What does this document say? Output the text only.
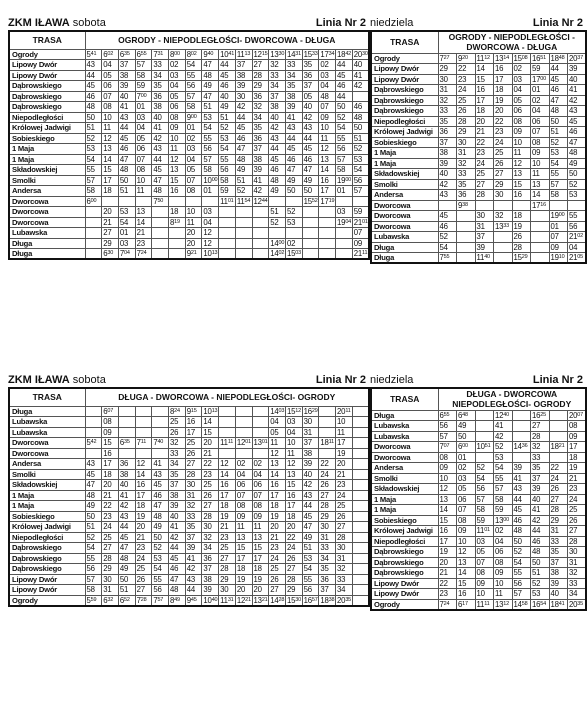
ZKM IŁAWA sobota	Linia Nr 2
TRASA	OGRODY - NIEPODLEGŁOŚCI- DWORCOWA - DŁUGA																
Ogrody	$5^{41}$	$6^{02}$	$6^{35}$	$6^{55}$	$7^{31}$	$8^{00}$	$8^{02}$	$9^{40}$	$10^{41}$	$11^{13}$	$12^{15}$	$13^{30}$	$14^{31}$	$15^{33}$	$17^{34}$	$18^{42}$	$20^{30}$
Lipowy Dwór	43	04	37	57	33	02	54	47	44	37	27	32	33	35	02	44	40
Lipowy Dwór	44	05	38	58	34	03	55	48	45	38	28	33	34	36	03	45	41
Dąbrowskiego	45	06	39	59	35	04	56	49	46	39	29	34	35	37	04	46	42
Dąbrowskiego	46	07	40	$7^{00}$	36	05	57	47	40	30	36	37	38	05	48	44	
Dąbrowskiego	48	08	41	01	38	06	58	51	49	42	32	38	39	40	07	50	46
Niepodległości	50	10	43	03	40	08	$9^{00}$	53	51	44	34	40	41	42	09	52	48
Królowej Jadwigi	51	11	44	04	41	09	01	54	52	45	35	42	43	43	10	54	50
Sobieskiego	52	12	45	05	42	10	02	55	53	46	36	43	44	44	11	55	51
1 Maja	53	13	46	06	43	11	03	56	54	47	37	44	45	45	12	56	52
1 Maja	54	14	47	07	44	12	04	57	55	48	38	45	46	46	13	57	53
Składowskiej	55	15	48	08	45	13	05	58	56	49	39	46	47	47	14	58	54
Smolki	57	17	50	10	47	15	07	$10^{00}$	58	51	41	48	49	49	16	$19^{00}$	56
Andersa	58	18	51	11	48	16	08	01	59	52	42	49	50	50	17	01	57
Dworcowa	$6^{00}$				$7^{50}$				$11^{01}$	$11^{54}$	$12^{44}$			$15^{52}$	$17^{19}$		
Dworcowa		20	53	13		18	10	03				51	52			03	59
Dworcowa		21	54	14		$8^{19}$	11	04				52	53			$19^{04}$	$21^{01}$
Lubawska		27	01	21			20	12									07
Długa		29	03	23			20	12				$14^{00}$	02				09
Długa		$6^{30}$	$7^{04}$	$7^{24}$			$9^{21}$	$10^{13}$				$14^{02}$	$15^{03}$				$21^{11}$
niedziela	Linia Nr 2
TRASA	OGRODY - NIEPODLEGŁOŚCI - DWORCOWA - DŁUGA							
Ogrody	$7^{27}$	$9^{20}$	$11^{12}$	$13^{14}$	$15^{08}$	$16^{51}$	$18^{48}$	$20^{37}$
Lipowy Dwór	29	22	14	16	02	59	44	39
Lipowy Dwór	30	23	15	17	03	$17^{00}$	45	40
Dąbrowskiego	31	24	16	18	04	01	46	41
Dąbrowskiego	32	25	17	19	05	02	47	42
Dąbrowskiego	33	26	18	20	06	04	48	43
Niepodległości	35	28	20	22	08	06	50	45
Królowej Jadwigi	36	29	21	23	09	07	51	46
Sobieskiego	37	30	22	24	10	08	52	47
1 Maja	38	31	23	25	11	09	53	48
1 Maja	39	32	24	26	12	10	54	49
Składowskiej	40	33	25	27	13	11	55	50
Smolki	42	35	27	29	15	13	57	52
Andersa	43	36	28	30	16	14	58	53
Dworcowa		$9^{38}$				$17^{16}$		
Dworcowa	45		30	32	18		$19^{00}$	55
Dworcowa	46		31	$13^{33}$	19		01	56
Lubawska	52		37		26		07	$21^{02}$
Długa	54		39		28		09	04
Długa	$7^{55}$		$11^{40}$		$15^{29}$		$19^{10}$	$21^{05}$
ZKM IŁAWA sobota	Linia Nr 2
TRASA	DŁUGA - DWORCOWA - NIEPODLEGŁOŚCI- OGRODY																
Długa		$6^{07}$				$8^{24}$	$9^{15}$	$10^{13}$				$14^{03}$	$15^{12}$	$16^{29}$		$20^{11}$	
Lubawska		08				25	16	14				04	03	30		10	
Lubawska		09				26	17	15				05	04	31		11	
Dworcowa	$5^{42}$	15	$6^{35}$	$7^{11}$	$7^{40}$	32	25	20	$11^{11}$	$12^{01}$	$13^{01}$	11	10	37	$18^{11}$	17	
Dworcowa		16				33	26	21				12	11	38		19	
Andersa	43	17	36	12	41	34	27	22	12	02	02	13	12	39	22	20	
Smolki	45	18	38	14	43	35	28	23	14	04	04	14	13	40	24	21	
Składowskiej	47	20	40	16	45	37	30	25	16	06	06	16	15	42	26	23	
1 Maja	48	21	41	17	46	38	31	26	17	07	07	17	16	43	27	24	
1 Maja	49	22	42	18	47	39	32	27	18	08	08	18	17	44	28	25	
Sobieskiego	50	23	43	19	48	40	33	28	19	09	09	19	18	45	29	26	
Królowej Jadwigi	51	24	44	20	49	41	35	30	21	11	11	20	20	47	30	27	
Niepodległości	52	25	45	21	50	42	37	32	23	13	13	21	22	49	31	28	
Dąbrowskiego	54	27	47	23	52	44	39	34	25	15	15	23	24	51	33	30	
Dąbrowskiego	55	28	48	24	53	45	41	36	27	17	17	24	26	53	34	31	
Dąbrowskiego	56	29	49	25	54	46	42	37	28	18	18	25	27	54	35	32	
Lipowy Dwór	57	30	50	26	55	47	43	38	29	19	19	26	28	55	36	33	
Lipowy Dwór	58	31	51	27	56	48	44	39	30	20	20	27	29	56	37	34	
Ogrody	$5^{59}$	$6^{32}$	$6^{52}$	$7^{28}$	$7^{57}$	$8^{49}$	$9^{45}$	$10^{40}$	$11^{31}$	$12^{21}$	$13^{21}$	$14^{28}$	$15^{30}$	$16^{57}$	$18^{38}$	$20^{35}$	
niedziela	Linia Nr 2
TRASA	DŁUGA - DWORCOWA NIEPODLEGŁOŚCI- OGRODY							
Długa	$6^{55}$	$6^{48}$		$12^{40}$		$16^{25}$		$20^{07}$
Lubawska	56	49		41		27		08
Lubawska	57	50		42		28		09
Dworcowa	$7^{07}$	$6^{00}$	$10^{51}$	52	$14^{36}$	32	$18^{21}$	17
Dworcowa	08	01		53		33		18
Andersa	09	02	52	54	39	35	22	19
Smolki	10	03	54	55	41	37	24	21
Składowskiej	12	05	56	57	43	39	26	23
1 Maja	13	06	57	58	44	40	27	24
1 Maja	14	07	58	59	45	41	28	25
Sobieskiego	15	08	59	$13^{00}$	46	42	29	26
Królowej Jadwigi	16	09	$11^{01}$	02	48	44	31	27
Niepodległości	17	10	03	04	50	46	33	28
Dąbrowskiego	19	12	05	06	52	48	35	30
Dąbrowskiego	20	13	07	08	54	50	37	31
Dąbrowskiego	21	14	08	09	55	51	38	32
Lipowy Dwór	22	15	09	10	56	52	39	33
Lipowy Dwór	23	16	10	11	57	53	40	34
Ogrody	$7^{24}$	$6^{17}$	$11^{11}$	$13^{12}$	$14^{58}$	$16^{54}$	$18^{41}$	$20^{35}$
